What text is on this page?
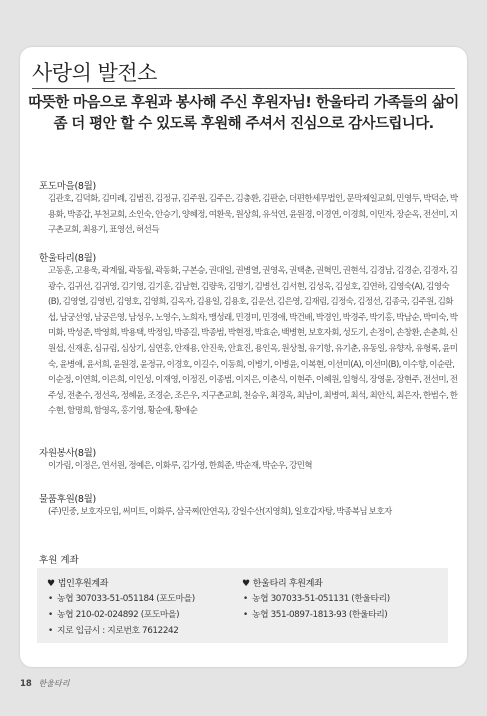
사랑의 발전소
따뜻한 마음으로 후원과 봉사해 주신 후원자님! 한울타리 가족들의 삶이 좀 더 평안 할 수 있도록 후원해 주셔서 진심으로 감사드립니다.
포도마을(8월)
김관호, 김덕화, 김미례, 김범진, 김정규, 김주원, 김주은, 김충환, 김판순, 더편한세무법인, 문막제일교회, 민영두, 박덕순, 박용화, 박종갑, 부천교회, 소인숙, 안승기, 양혜정, 여환욱, 원상희, 유석연, 윤원경, 이경연, 이경희, 이민자, 장순옥, 전선미, 지구촌교회, 최용기, 표영선, 허선득
한울타리(8월)
고동훈, 고용욱, 곽계월, 곽동월, 곽동화, 구본승, 권대일, 권병열, 권영옥, 권택춘, 권혁민, 권현석, 김경남, 김경순, 김경자, 김광수, 김귀선, 김귀영, 김기영, 김기훈, 김남현, 김량욱, 김명기, 김병선, 김서현, 김성옥, 김성호, 김연하, 김영숙(A), 김영숙(B), 김영열, 김영빈, 김영호, 김영희, 김옥자, 김용일, 김용호, 김운선, 김은영, 김재림, 김정숙, 김정선, 김종국, 김주원, 김화섭, 남궁선영, 남궁은영, 남성우, 노영수, 노희자, 맹성래, 민경미, 민경애, 박건배, 박경인, 박경주, 박기홍, 박남순, 박미숙, 박미화, 박성준, 박영희, 박용택, 박정임, 박종길, 박종범, 박현정, 박효순, 백병현, 보호자회, 성도기, 손정이, 손창환, 손춘희, 신원섭, 신재훈, 심규림, 심상기, 심연홍, 안재용, 안진욱, 안효진, 용인옥, 원상철, 유기항, 유기춘, 유동일, 유향자, 유형록, 윤미숙, 윤병애, 윤서희, 윤원경, 윤정규, 이경호, 이길수, 이동희, 이병기, 이병윤, 이복현, 이선미(A), 이선미(B), 이수향, 이순란, 이순정, 이연희, 이은희, 이인성, 이재영, 이정진, 이종범, 이지은, 이춘식, 이현주, 이혜원, 임형식, 장영윤, 장현주, 전선미, 전주성, 전춘수, 정선옥, 정혜윤, 조경순, 조은우, 지구촌교회, 천승우, 최경옥, 최남이, 최병여, 최석, 최안식, 최은자, 한범수, 한수현, 함명희, 함영옥, 홍기영, 황순애, 황애순
자원봉사(8월)
이가림, 이정은, 연서원, 정예은, 이화루, 김가영, 한희준, 박순재, 박순우, 강민혁
물품후원(8월)
(주)민중, 보호자모임, 써미트, 이화루, 삼국찌(안연옥), 강일수산(지영희), 일호갑자탕, 박종복님 보호자
후원 계좌
♥ 법인후원계좌
• 농협 307033-51-051184 (포도마을)
• 농협 210-02-024892 (포도마을)
• 지로 입금시 : 지로번호 7612242
♥ 한울타리 후원계좌
• 농협 307033-51-051131 (한울타리)
• 농협 351-0897-1813-93 (한울타리)
18 한울타리
